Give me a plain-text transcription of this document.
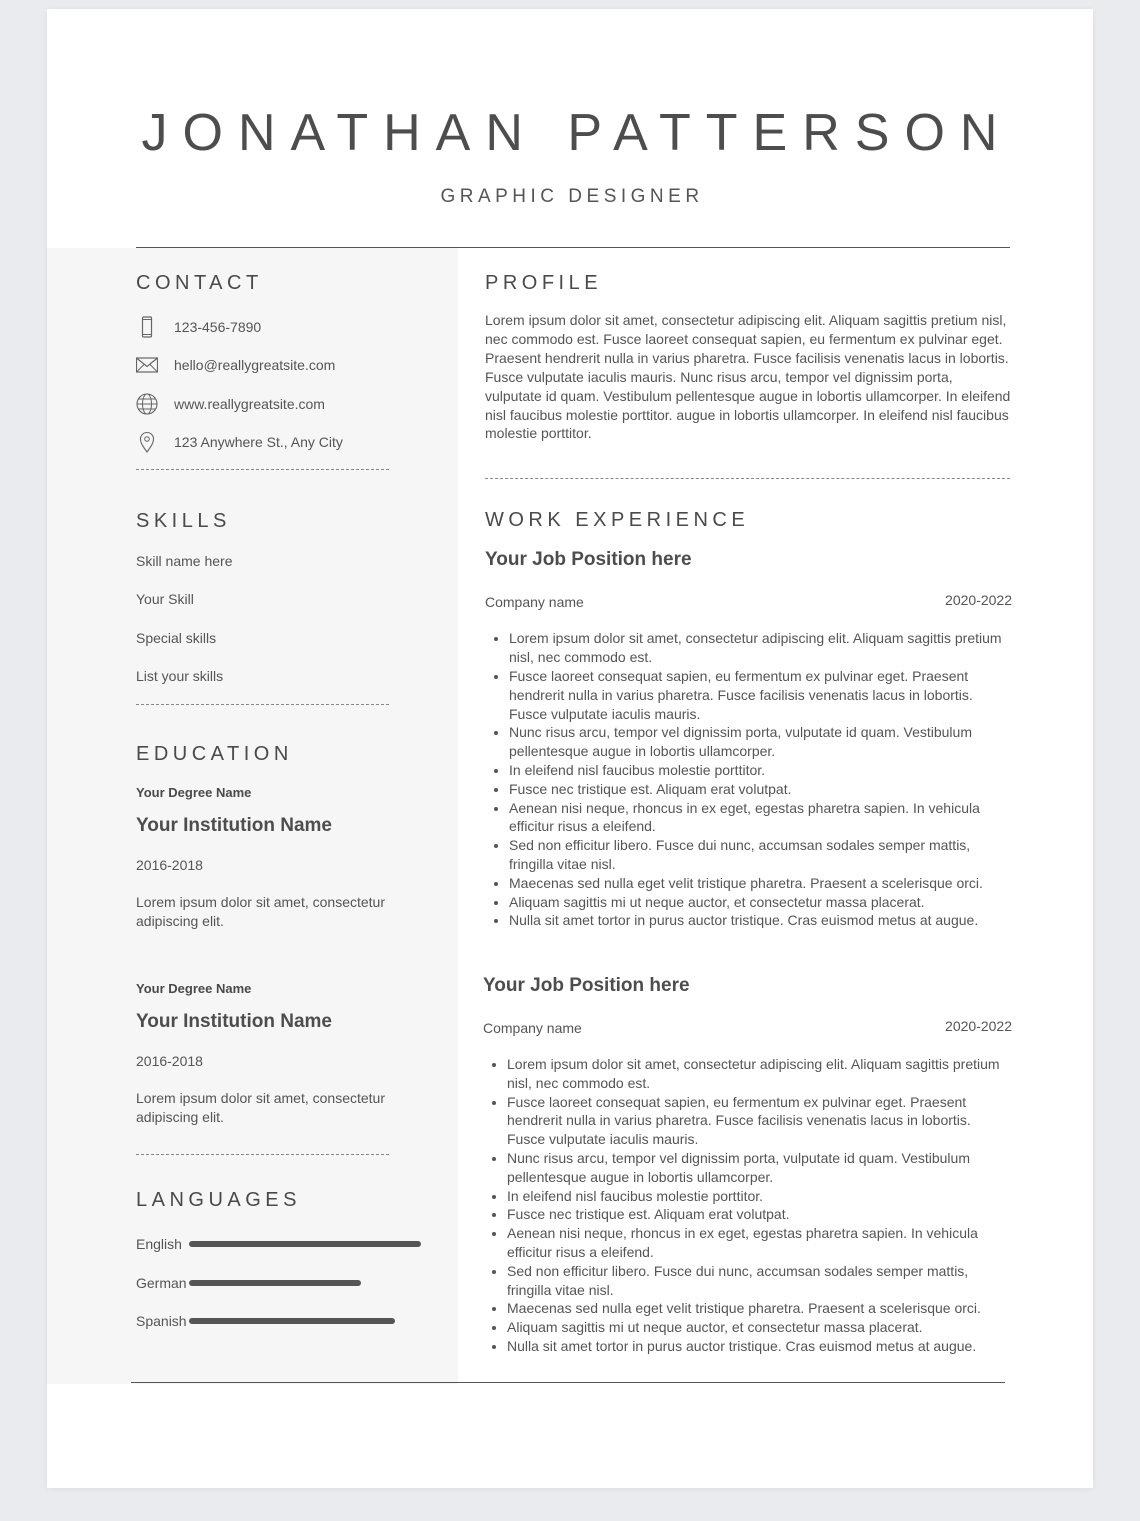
JONATHAN PATTERSON
GRAPHIC DESIGNER
CONTACT
123-456-7890
hello@reallygreatsite.com
www.reallygreatsite.com
123 Anywhere St., Any City
SKILLS
Skill name here
Your Skill
Special skills
List your skills
EDUCATION
Your Degree Name
Your Institution Name
2016-2018
Lorem ipsum dolor sit amet, consectetur adipiscing elit.
Your Degree Name
Your Institution Name
2016-2018
Lorem ipsum dolor sit amet, consectetur adipiscing elit.
LANGUAGES
English
German
Spanish
PROFILE
Lorem ipsum dolor sit amet, consectetur adipiscing elit. Aliquam sagittis pretium nisl, nec commodo est. Fusce laoreet consequat sapien, eu fermentum ex pulvinar eget. Praesent hendrerit nulla in varius pharetra. Fusce facilisis venenatis lacus in lobortis. Fusce vulputate iaculis mauris. Nunc risus arcu, tempor vel dignissim porta, vulputate id quam. Vestibulum pellentesque augue in lobortis ullamcorper. In eleifend nisl faucibus molestie porttitor. augue in lobortis ullamcorper. In eleifend nisl faucibus molestie porttitor.
WORK EXPERIENCE
Your Job Position here
Company name	2020-2022
• Lorem ipsum dolor sit amet, consectetur adipiscing elit. Aliquam sagittis pretium nisl, nec commodo est.
• Fusce laoreet consequat sapien, eu fermentum ex pulvinar eget. Praesent hendrerit nulla in varius pharetra. Fusce facilisis venenatis lacus in lobortis. Fusce vulputate iaculis mauris.
• Nunc risus arcu, tempor vel dignissim porta, vulputate id quam. Vestibulum pellentesque augue in lobortis ullamcorper.
• In eleifend nisl faucibus molestie porttitor.
• Fusce nec tristique est. Aliquam erat volutpat.
• Aenean nisi neque, rhoncus in ex eget, egestas pharetra sapien. In vehicula efficitur risus a eleifend.
• Sed non efficitur libero. Fusce dui nunc, accumsan sodales semper mattis, fringilla vitae nisl.
• Maecenas sed nulla eget velit tristique pharetra. Praesent a scelerisque orci.
• Aliquam sagittis mi ut neque auctor, et consectetur massa placerat.
• Nulla sit amet tortor in purus auctor tristique. Cras euismod metus at augue.
Your Job Position here
Company name	2020-2022
• Lorem ipsum dolor sit amet, consectetur adipiscing elit. Aliquam sagittis pretium nisl, nec commodo est.
• Fusce laoreet consequat sapien, eu fermentum ex pulvinar eget. Praesent hendrerit nulla in varius pharetra. Fusce facilisis venenatis lacus in lobortis. Fusce vulputate iaculis mauris.
• Nunc risus arcu, tempor vel dignissim porta, vulputate id quam. Vestibulum pellentesque augue in lobortis ullamcorper.
• In eleifend nisl faucibus molestie porttitor.
• Fusce nec tristique est. Aliquam erat volutpat.
• Aenean nisi neque, rhoncus in ex eget, egestas pharetra sapien. In vehicula efficitur risus a eleifend.
• Sed non efficitur libero. Fusce dui nunc, accumsan sodales semper mattis, fringilla vitae nisl.
• Maecenas sed nulla eget velit tristique pharetra. Praesent a scelerisque orci.
• Aliquam sagittis mi ut neque auctor, et consectetur massa placerat.
• Nulla sit amet tortor in purus auctor tristique. Cras euismod metus at augue.
